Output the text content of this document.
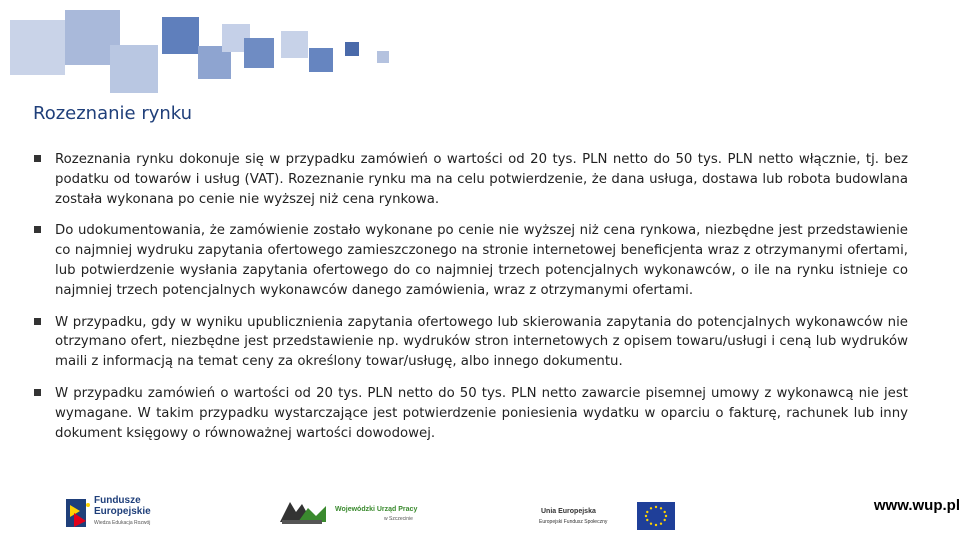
Rozeznanie rynku
Rozeznania rynku dokonuje się w przypadku zamówień o wartości od 20 tys. PLN netto do 50 tys. PLN netto włącznie, tj. bez podatku od towarów i usług (VAT). Rozeznanie rynku ma na celu potwierdzenie, że dana usługa, dostawa lub robota budowlana została wykonana po cenie nie wyższej niż cena rynkowa.
Do udokumentowania, że zamówienie zostało wykonane po cenie nie wyższej niż cena rynkowa, niezbędne jest przedstawienie co najmniej wydruku zapytania ofertowego zamieszczonego na stronie internetowej beneficjenta wraz z otrzymanymi ofertami, lub potwierdzenie wysłania zapytania ofertowego do co najmniej trzech potencjalnych wykonawców, o ile na rynku istnieje co najmniej trzech potencjalnych wykonawców danego zamówienia, wraz z otrzymanymi ofertami.
W przypadku, gdy w wyniku upublicznienia zapytania ofertowego lub skierowania zapytania do potencjalnych wykonawców nie otrzymano ofert, niezbędne jest przedstawienie np. wydruków stron internetowych z opisem towaru/usługi i ceną lub wydruków maili z informacją na temat ceny za określony towar/usługę, albo innego dokumentu.
W przypadku zamówień o wartości od 20 tys. PLN netto do 50 tys. PLN netto zawarcie pisemnej umowy z wykonawcą nie jest wymagane. W takim przypadku wystarczające jest potwierdzenie poniesienia wydatku w oparciu o fakturę, rachunek lub inny dokument księgowy o równoważnej wartości dowodowej.
Fundusze
Europejskie
Wiedza Edukacja Rozwój
Wojewódzki Urząd Pracy
w Szczecinie
Unia Europejska
Europejski Fundusz Społeczny
www.wup.pl
